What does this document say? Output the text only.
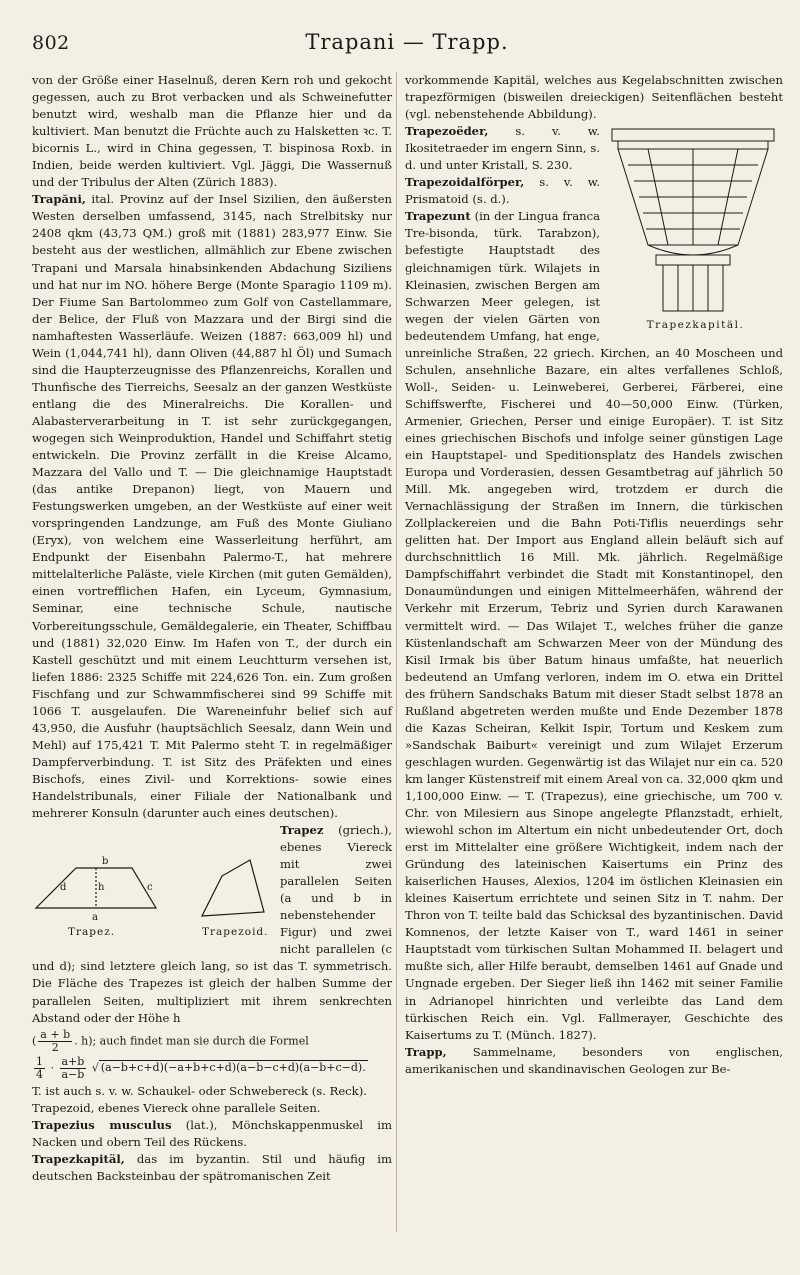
802	Trapani — Trapp.

von der Größe einer Haselnuß, deren Kern roh und gekocht gegessen, auch zu Brot verbacken und als Schweinefutter benutzt wird, weshalb man die Pflanze hier und da kultiviert. Man benutzt die Früchte auch zu Halsketten ꝛc. T. bicornis L., wird in China gegessen, T. bispinosa Roxb. in Indien, beide werden kultiviert. Vgl. Jäggi, Die Wassernuß und der Tribulus der Alten (Zürich 1883).

Trapăni, ital. Provinz auf der Insel Sizilien, den äußersten Westen derselben umfassend, 3145, nach Strelbitsky nur 2408 qkm (43,73 QM.) groß mit (1881) 283,977 Einw. Sie besteht aus der westlichen, allmählich zur Ebene zwischen Trapani und Marsala hinabsinkenden Abdachung Siziliens und hat nur im NO. höhere Berge (Monte Sparagio 1109 m). Der Fiume San Bartolommeo zum Golf von Castellammare, der Belice, der Fluß von Mazzara und der Birgi sind die namhaftesten Wasserläufe. Weizen (1887: 663,009 hl) und Wein (1,044,741 hl), dann Oliven (44,887 hl Öl) und Sumach sind die Haupterzeugnisse des Pflanzenreichs, Korallen und Thunfische des Tierreichs, Seesalz an der ganzen Westküste entlang die des Mineralreichs. Die Korallen- und Alabasterverarbeitung in T. ist sehr zurückgegangen, wogegen sich Weinproduktion, Handel und Schiffahrt stetig entwickeln. Die Provinz zerfällt in die Kreise Alcamo, Mazzara del Vallo und T. — Die gleichnamige Hauptstadt (das antike Drepanon) liegt, von Mauern und Festungswerken umgeben, an der Westküste auf einer weit vorspringenden Landzunge, am Fuß des Monte Giuliano (Eryx), von welchem eine Wasserleitung herführt, am Endpunkt der Eisenbahn Palermo-T., hat mehrere mittelalterliche Paläste, viele Kirchen (mit guten Gemälden), einen vortrefflichen Hafen, ein Lyceum, Gymnasium, Seminar, eine technische Schule, nautische Vorbereitungsschule, Gemäldegalerie, ein Theater, Schiffbau und (1881) 32,020 Einw. Im Hafen von T., der durch ein Kastell geschützt und mit einem Leuchtturm versehen ist, liefen 1886: 2325 Schiffe mit 224,626 Ton. ein. Zum großen Fischfang und zur Schwammfischerei sind 99 Schiffe mit 1066 T. ausgelaufen. Die Wareneinfuhr belief sich auf 43,950, die Ausfuhr (hauptsächlich Seesalz, dann Wein und Mehl) auf 175,421 T. Mit Palermo steht T. in regelmäßiger Dampferverbindung. T. ist Sitz des Präfekten und eines Bischofs, eines Zivil- und Korrektions- sowie eines Handelstribunals, einer Filiale der Nationalbank und mehrerer Konsuln (darunter auch eines deutschen).

Trapez
a
b
c
d	h
Trapez.	Trapezoid.
(griech.), ebenes Viereck mit zwei parallelen Seiten (a und b in nebenstehender Figur) und zwei nicht parallelen (c und d); sind letztere gleich lang, so ist das T. symmetrisch. Die Fläche des Trapezes ist gleich der halben Summe der parallelen Seiten, multipliziert mit ihrem senkrechten Abstand oder der Höhe h
( $\frac{a + b}{2}$ . h); auch findet man sie durch die Formel
$\frac{1}{4} \cdot \frac{a+b}{a-b}$ √ (a−b+c+d)(−a+b+c+d)(a−b−c+d)(a−b+c−d).
T. ist auch s. v. w. Schaukel- oder Schwebereck (s. Reck).

Trapezoid, ebenes Viereck ohne parallele Seiten.

Trapezius musculus (lat.), Mönchskappenmuskel im Nacken und obern Teil des Rückens.

Trapezkapitäl, das im byzantin. Stil und häufig im deutschen Backsteinbau der spätromanischen Zeit

vorkommende Kapitäl, welches aus Kegelabschnitten zwischen trapezförmigen (bisweilen dreieckigen) Seitenflächen besteht (vgl. nebenstehende Abbildung).

Trapezkapitäl.

Trapezoëder, s. v. w. Ikositetraeder im engern Sinn, s. d. und unter Kristall, S. 230.

Trapezoidalförper, s. v. w. Prismatoid (s. d.).

Trapezunt (in der Lingua franca Tre-bisonda, türk. Tarabzon), befestigte Hauptstadt des gleichnamigen türk. Wilajets in Kleinasien, zwischen Bergen am Schwarzen Meer gelegen, ist wegen der vielen Gärten von bedeutendem Umfang, hat enge, unreinliche Straßen, 22 griech. Kirchen, an 40 Moscheen und Schulen, ansehnliche Bazare, ein altes verfallenes Schloß, Woll-, Seiden- u. Leinweberei, Gerberei, Färberei, eine Schiffswerfte, Fischerei und 40—50,000 Einw. (Türken, Armenier, Griechen, Perser und einige Europäer). T. ist Sitz eines griechischen Bischofs und infolge seiner günstigen Lage ein Hauptstapel- und Speditionsplatz des Handels zwischen Europa und Vorderasien, dessen Gesamtbetrag auf jährlich 50 Mill. Mk. angegeben wird, trotzdem er durch die Vernachlässigung der Straßen im Innern, die türkischen Zollplackereien und die Bahn Poti-Tiflis neuerdings sehr gelitten hat. Der Import aus England allein beläuft sich auf durchschnittlich 16 Mill. Mk. jährlich. Regelmäßige Dampfschiffahrt verbindet die Stadt mit Konstantinopel, den Donaumündungen und einigen Mittelmeerhäfen, während der Verkehr mit Erzerum, Tebriz und Syrien durch Karawanen vermittelt wird. — Das Wilajet T., welches früher die ganze Küstenlandschaft am Schwarzen Meer von der Mündung des Kisil Irmak bis über Batum hinaus umfaßte, hat neuerlich bedeutend an Umfang verloren, indem im O. etwa ein Drittel des frühern Sandschaks Batum mit dieser Stadt selbst 1878 an Rußland abgetreten werden mußte und Ende Dezember 1878 die Kazas Scheiran, Kelkit Ispir, Tortum und Keskem zum »Sandschak Baiburt« vereinigt und zum Wilajet Erzerum geschlagen wurden. Gegenwärtig ist das Wilajet nur ein ca. 520 km langer Küstenstreif mit einem Areal von ca. 32,000 qkm und 1,100,000 Einw. — T. (Trapezus), eine griechische, um 700 v. Chr. von Milesiern aus Sinope angelegte Pflanzstadt, erhielt, wiewohl schon im Altertum ein nicht unbedeutender Ort, doch erst im Mittelalter eine größere Wichtigkeit, indem nach der Gründung des lateinischen Kaisertums ein Prinz des kaiserlichen Hauses, Alexios, 1204 im östlichen Kleinasien ein kleines Kaisertum errichtete und seinen Sitz in T. nahm. Der Thron von T. teilte bald das Schicksal des byzantinischen. David Komnenos, der letzte Kaiser von T., ward 1461 in seiner Hauptstadt vom türkischen Sultan Mohammed II. belagert und mußte sich, aller Hilfe beraubt, demselben 1461 auf Gnade und Ungnade ergeben. Der Sieger ließ ihn 1462 mit seiner Familie in Adrianopel hinrichten und verleibte das Land dem türkischen Reich ein. Vgl. Fallmerayer, Geschichte des Kaisertums zu T. (Münch. 1827).

Trapp, Sammelname, besonders von englischen, amerikanischen und skandinavischen Geologen zur Be-
